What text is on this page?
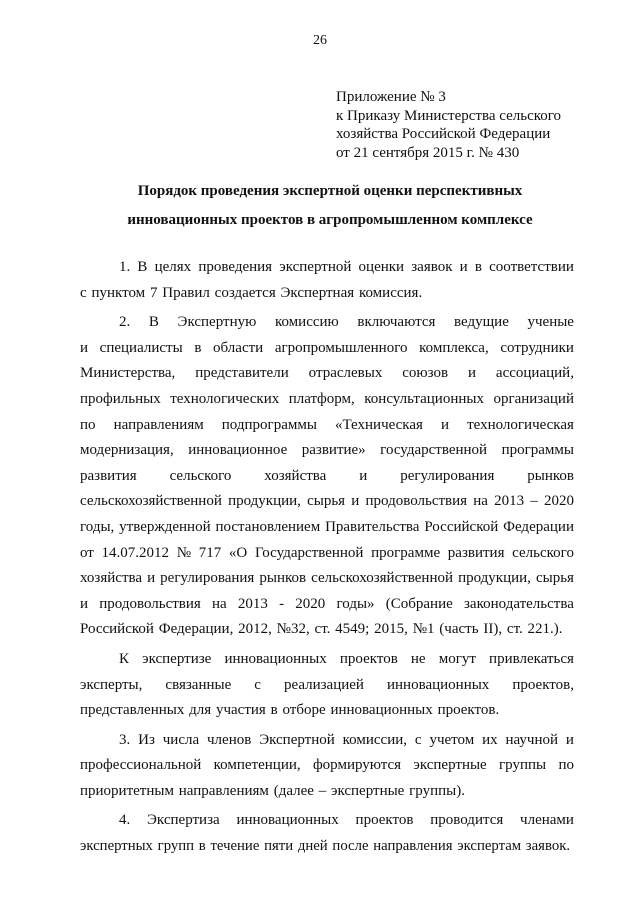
26
Приложение № 3
к Приказу Министерства сельского
хозяйства Российской Федерации
от 21 сентября 2015 г. № 430
Порядок проведения экспертной оценки перспективных
инновационных проектов в агропромышленном комплексе
1. В целях проведения экспертной оценки заявок и в соответствии
с пунктом 7 Правил создается Экспертная комиссия.
2. В Экспертную комиссию включаются ведущие ученые
и специалисты в области агропромышленного комплекса, сотрудники
Министерства, представители отраслевых союзов и ассоциаций,
профильных технологических платформ, консультационных организаций
по направлениям подпрограммы «Техническая и технологическая
модернизация, инновационное развитие» государственной программы
развития сельского хозяйства и регулирования рынков
сельскохозяйственной продукции, сырья и продовольствия на 2013 – 2020
годы, утвержденной постановлением Правительства Российской Федерации
от 14.07.2012 № 717 «О Государственной программе развития сельского
хозяйства и регулирования рынков сельскохозяйственной продукции, сырья
и продовольствия на 2013 - 2020 годы» (Собрание законодательства
Российской Федерации, 2012, №32, ст. 4549; 2015, №1 (часть II), ст. 221.).
К экспертизе инновационных проектов не могут привлекаться
эксперты, связанные с реализацией инновационных проектов,
представленных для участия в отборе инновационных проектов.
3. Из числа членов Экспертной комиссии, с учетом их научной и
профессиональной компетенции, формируются экспертные группы по
приоритетным направлениям (далее – экспертные группы).
4. Экспертиза инновационных проектов проводится членами
экспертных групп в течение пяти дней после направления экспертам заявок.
